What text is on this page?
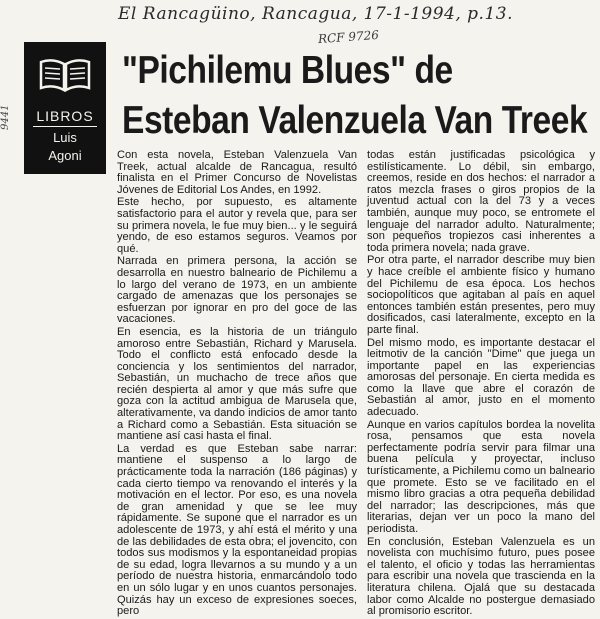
El Rancagüino, Rancagua, 17-1-1994, p.13.
RCF 9726
9441 LIBROS
Luis
Agoni
"Pichilemu Blues" de
Esteban Valenzuela Van Treek

Con esta novela, Esteban Valenzuela Van Treek, actual alcalde de Rancagua, resultó finalista en el Primer Concurso de Novelistas Jóvenes de Editorial Los Andes, en 1992.

Este hecho, por supuesto, es altamente satisfactorio para el autor y revela que, para ser su primera novela, le fue muy bien... y le seguirá yendo, de eso estamos seguros. Veamos por qué.

Narrada en primera persona, la acción se desarrolla en nuestro balneario de Pichilemu a lo largo del verano de 1973, en un ambiente cargado de amenazas que los personajes se esfuerzan por ignorar en pro del goce de las vacaciones.

En esencia, es la historia de un triángulo amoroso entre Sebastián, Richard y Marusela. Todo el conflicto está enfocado desde la conciencia y los sentimientos del narrador, Sebastián, un muchacho de trece años que recién despierta al amor y que más sufre que goza con la actitud ambigua de Marusela que, alterativamente, va dando indicios de amor tanto a Richard como a Sebastián. Esta situación se mantiene así casi hasta el final.

La verdad es que Esteban sabe narrar: mantiene el suspenso a lo largo de prácticamente toda la narración (186 páginas) y cada cierto tiempo va renovando el interés y la motivación en el lector. Por eso, es una novela de gran amenidad y que se lee muy rápidamente. Se supone que el narrador es un adolescente de 1973, y ahí está el mérito y una de las debilidades de esta obra; el jovencito, con todos sus modismos y la espontaneidad propias de su edad, logra llevarnos a su mundo y a un período de nuestra historia, enmarcándolo todo en un sólo lugar y en unos cuantos personajes. Quizás hay un exceso de expresiones soeces, pero

todas están justificadas psicológica y estilísticamente. Lo débil, sin embargo, creemos, reside en dos hechos: el narrador a ratos mezcla frases o giros propios de la juventud actual con la del 73 y a veces también, aunque muy poco, se entromete el lenguaje del narrador adulto. Naturalmente; son pequeños tropiezos casi inherentes a toda primera novela; nada grave.

Por otra parte, el narrador describe muy bien y hace creíble el ambiente físico y humano del Pichilemu de esa época. Los hechos sociopolíticos que agitaban al país en aquel entonces también están presentes, pero muy dosificados, casi lateralmente, excepto en la parte final.

Del mismo modo, es importante destacar el leitmotiv de la canción "Dime" que juega un importante papel en las experiencias amorosas del personaje. En cierta medida es como la llave que abre el corazón de Sebastián al amor, justo en el momento adecuado.

Aunque en varios capítulos bordea la novelita rosa, pensamos que esta novela perfectamente podría servir para filmar una buena película y proyectar, incluso turísticamente, a Pichilemu como un balneario que promete. Esto se ve facilitado en el mismo libro gracias a otra pequeña debilidad del narrador; las descripciones, más que literarias, dejan ver un poco la mano del periodista.

En conclusión, Esteban Valenzuela es un novelista con muchísimo futuro, pues posee el talento, el oficio y todas las herramientas para escribir una novela que trascienda en la literatura chilena. Ojalá que su destacada labor como Alcalde no postergue demasiado al promisorio escritor.
